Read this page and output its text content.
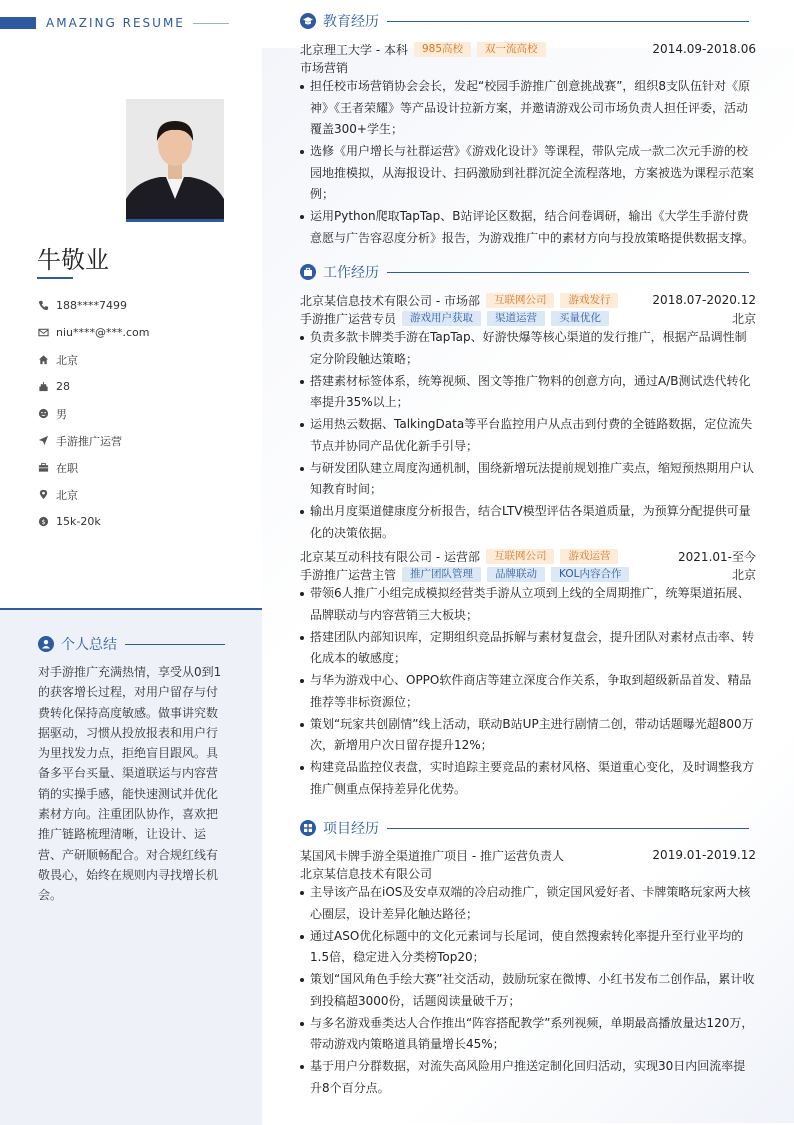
AMAZING RESUME
牛敬业
188****7499
niu****@***.com
北京
28
男
手游推广运营
在职
北京
$ 15k-20k
个人总结
对手游推广充满热情，享受从0到1的获客增长过程，对用户留存与付费转化保持高度敏感。做事讲究数据驱动，习惯从投放报表和用户行为里找发力点，拒绝盲目跟风。具备多平台买量、渠道联运与内容营销的实操手感，能快速测试并优化素材方向。注重团队协作，喜欢把推广链路梳理清晰，让设计、运营、产研顺畅配合。对合规红线有敬畏心，始终在规则内寻找增长机会。
教育经历
北京理工大学 - 本科	985高校	双一流高校	2014.09-2018.06
市场营销
担任校市场营销协会会长，发起“校园手游推广创意挑战赛”，组织8支队伍针对《原神》《王者荣耀》等产品设计拉新方案，并邀请游戏公司市场负责人担任评委，活动覆盖300+学生；
选修《用户增长与社群运营》《游戏化设计》等课程，带队完成一款二次元手游的校园地推模拟，从海报设计、扫码激励到社群沉淀全流程落地，方案被选为课程示范案例；
运用Python爬取TapTap、B站评论区数据，结合问卷调研，输出《大学生手游付费意愿与广告容忍度分析》报告，为游戏推广中的素材方向与投放策略提供数据支撑。
工作经历
北京某信息技术有限公司 - 市场部	互联网公司	游戏发行	2018.07-2020.12
手游推广运营专员	游戏用户获取	渠道运营	买量优化	北京
负责多款卡牌类手游在TapTap、好游快爆等核心渠道的发行推广，根据产品调性制定分阶段触达策略；
搭建素材标签体系，统筹视频、图文等推广物料的创意方向，通过A/B测试迭代转化率提升35%以上；
运用热云数据、TalkingData等平台监控用户从点击到付费的全链路数据，定位流失节点并协同产品优化新手引导；
与研发团队建立周度沟通机制，围绕新增玩法提前规划推广卖点，缩短预热期用户认知教育时间；
输出月度渠道健康度分析报告，结合LTV模型评估各渠道质量，为预算分配提供可量化的决策依据。
北京某互动科技有限公司 - 运营部	互联网公司	游戏运营	2021.01-至今
手游推广运营主管	推广团队管理	品牌联动	KOL内容合作	北京
带领6人推广小组完成模拟经营类手游从立项到上线的全周期推广，统筹渠道拓展、品牌联动与内容营销三大板块；
搭建团队内部知识库，定期组织竞品拆解与素材复盘会，提升团队对素材点击率、转化成本的敏感度；
与华为游戏中心、OPPO软件商店等建立深度合作关系，争取到超级新品首发、精品推荐等非标资源位；
策划“玩家共创剧情”线上活动，联动B站UP主进行剧情二创，带动话题曝光超800万次，新增用户次日留存提升12%；
构建竞品监控仪表盘，实时追踪主要竞品的素材风格、渠道重心变化，及时调整我方推广侧重点保持差异化优势。
项目经历
某国风卡牌手游全渠道推广项目 - 推广运营负责人	2019.01-2019.12
北京某信息技术有限公司
主导该产品在iOS及安卓双端的冷启动推广，锁定国风爱好者、卡牌策略玩家两大核心圈层，设计差异化触达路径；
通过ASO优化标题中的文化元素词与长尾词，使自然搜索转化率提升至行业平均的1.5倍，稳定进入分类榜Top20；
策划“国风角色手绘大赛”社交活动，鼓励玩家在微博、小红书发布二创作品，累计收到投稿超3000份，话题阅读量破千万；
与多名游戏垂类达人合作推出“阵容搭配教学”系列视频，单期最高播放量达120万，带动游戏内策略道具销量增长45%；
基于用户分群数据，对流失高风险用户推送定制化回归活动，实现30日内回流率提升8个百分点。
